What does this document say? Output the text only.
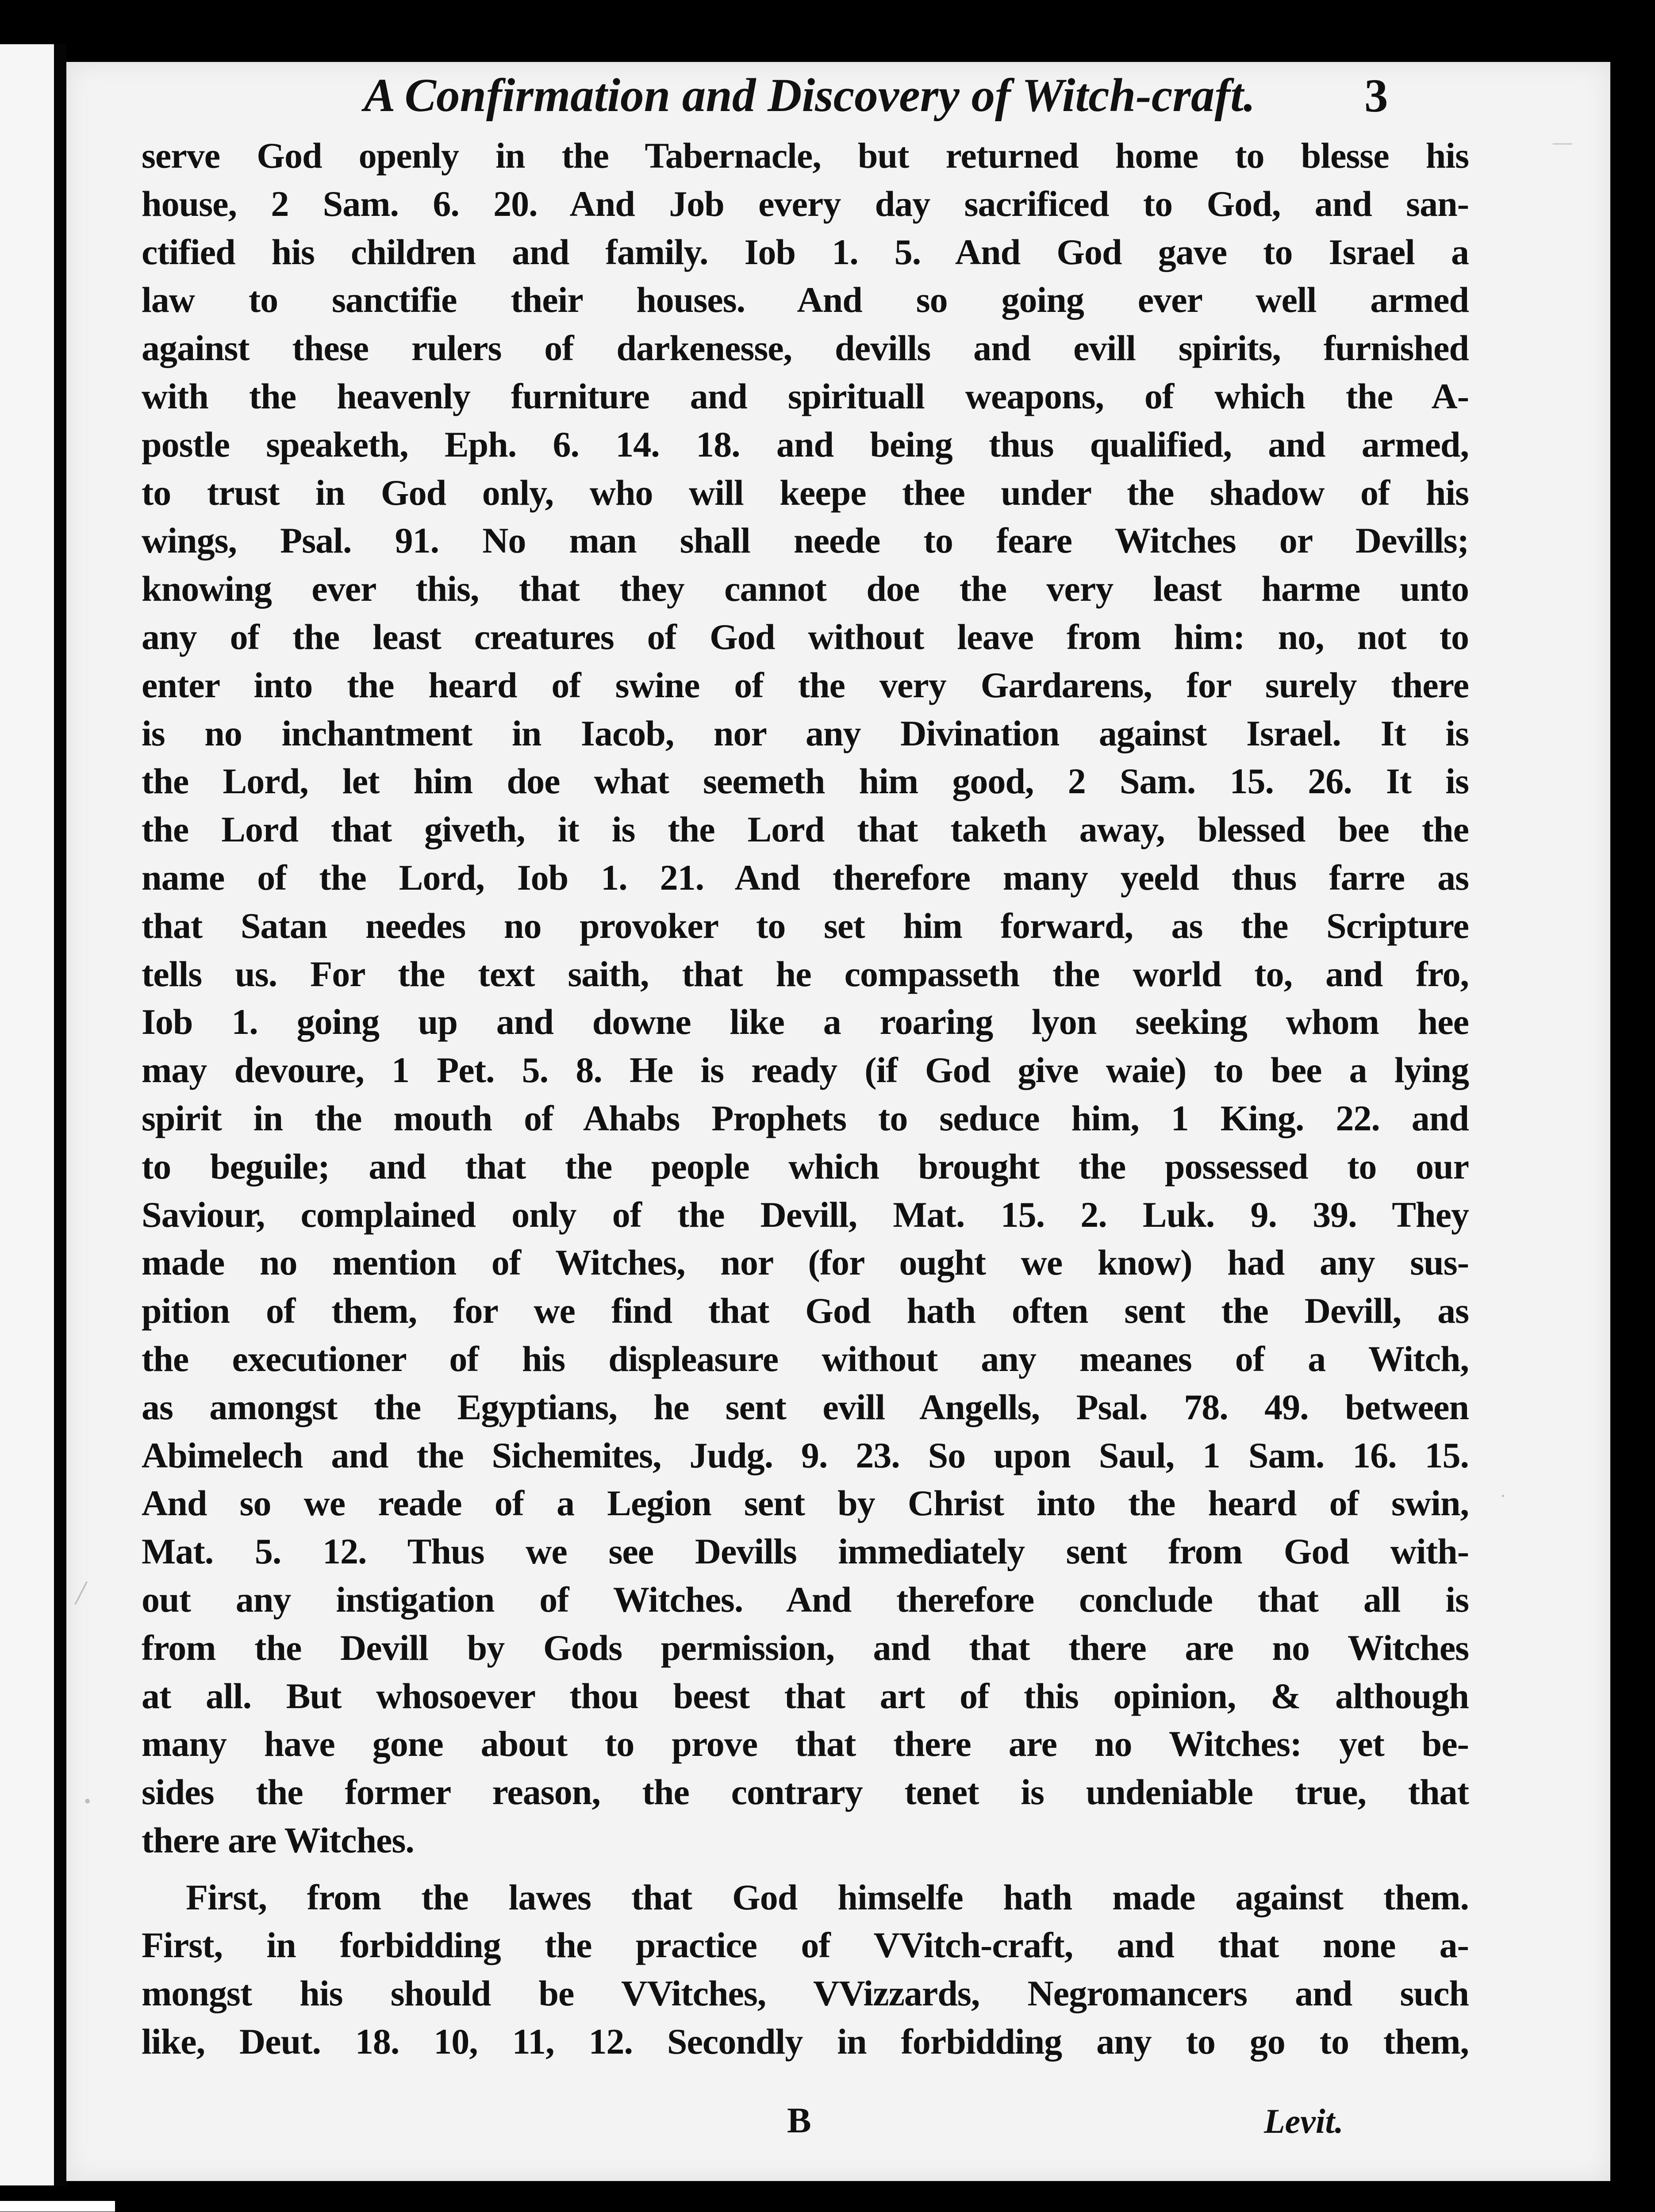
A Confirmation and Discovery of Witch-craft.	3
serve God openly in the Tabernacle, but returned home to blesse his
house, 2 Sam. 6. 20. And Job every day sacrificed to God, and san-
ctified his children and family. Iob 1. 5. And God gave to Israel a
law to sanctifie their houses. And so going ever well armed
against these rulers of darkenesse, devills and evill spirits, furnished
with the heavenly furniture and spirituall weapons, of which the A-
postle speaketh, Eph. 6. 14. 18. and being thus qualified, and armed,
to trust in God only, who will keepe thee under the shadow of his
wings, Psal. 91. No man shall neede to feare Witches or Devills;
knowing ever this, that they cannot doe the very least harme unto
any of the least creatures of God without leave from him: no, not to
enter into the heard of swine of the very Gardarens, for surely there
is no inchantment in Iacob, nor any Divination against Israel. It is
the Lord, let him doe what seemeth him good, 2 Sam. 15. 26. It is
the Lord that giveth, it is the Lord that taketh away, blessed bee the
name of the Lord, Iob 1. 21. And therefore many yeeld thus farre as
that Satan needes no provoker to set him forward, as the Scripture
tells us. For the text saith, that he compasseth the world to, and fro,
Iob 1. going up and downe like a roaring lyon seeking whom hee
may devoure, 1 Pet. 5. 8. He is ready (if God give waie) to bee a lying
spirit in the mouth of Ahabs Prophets to seduce him, 1 King. 22. and
to beguile; and that the people which brought the possessed to our
Saviour, complained only of the Devill, Mat. 15. 2. Luk. 9. 39. They
made no mention of Witches, nor (for ought we know) had any sus-
pition of them, for we find that God hath often sent the Devill, as
the executioner of his displeasure without any meanes of a Witch,
as amongst the Egyptians, he sent evill Angells, Psal. 78. 49. between
Abimelech and the Sichemites, Judg. 9. 23. So upon Saul, 1 Sam. 16. 15.
And so we reade of a Legion sent by Christ into the heard of swin,
Mat. 5. 12. Thus we see Devills immediately sent from God with-
out any instigation of Witches. And therefore conclude that all is
from the Devill by Gods permission, and that there are no Witches
at all. But whosoever thou beest that art of this opinion, & although
many have gone about to prove that there are no Witches: yet be-
sides the former reason, the contrary tenet is undeniable true, that
there are Witches.
First, from the lawes that God himselfe hath made against them.
First, in forbidding the practice of VVitch-craft, and that none a-
mongst his should be VVitches, VVizzards, Negromancers and such
like, Deut. 18. 10, 11, 12. Secondly in forbidding any to go to them,
B	Levit.
—
╱
•
·
